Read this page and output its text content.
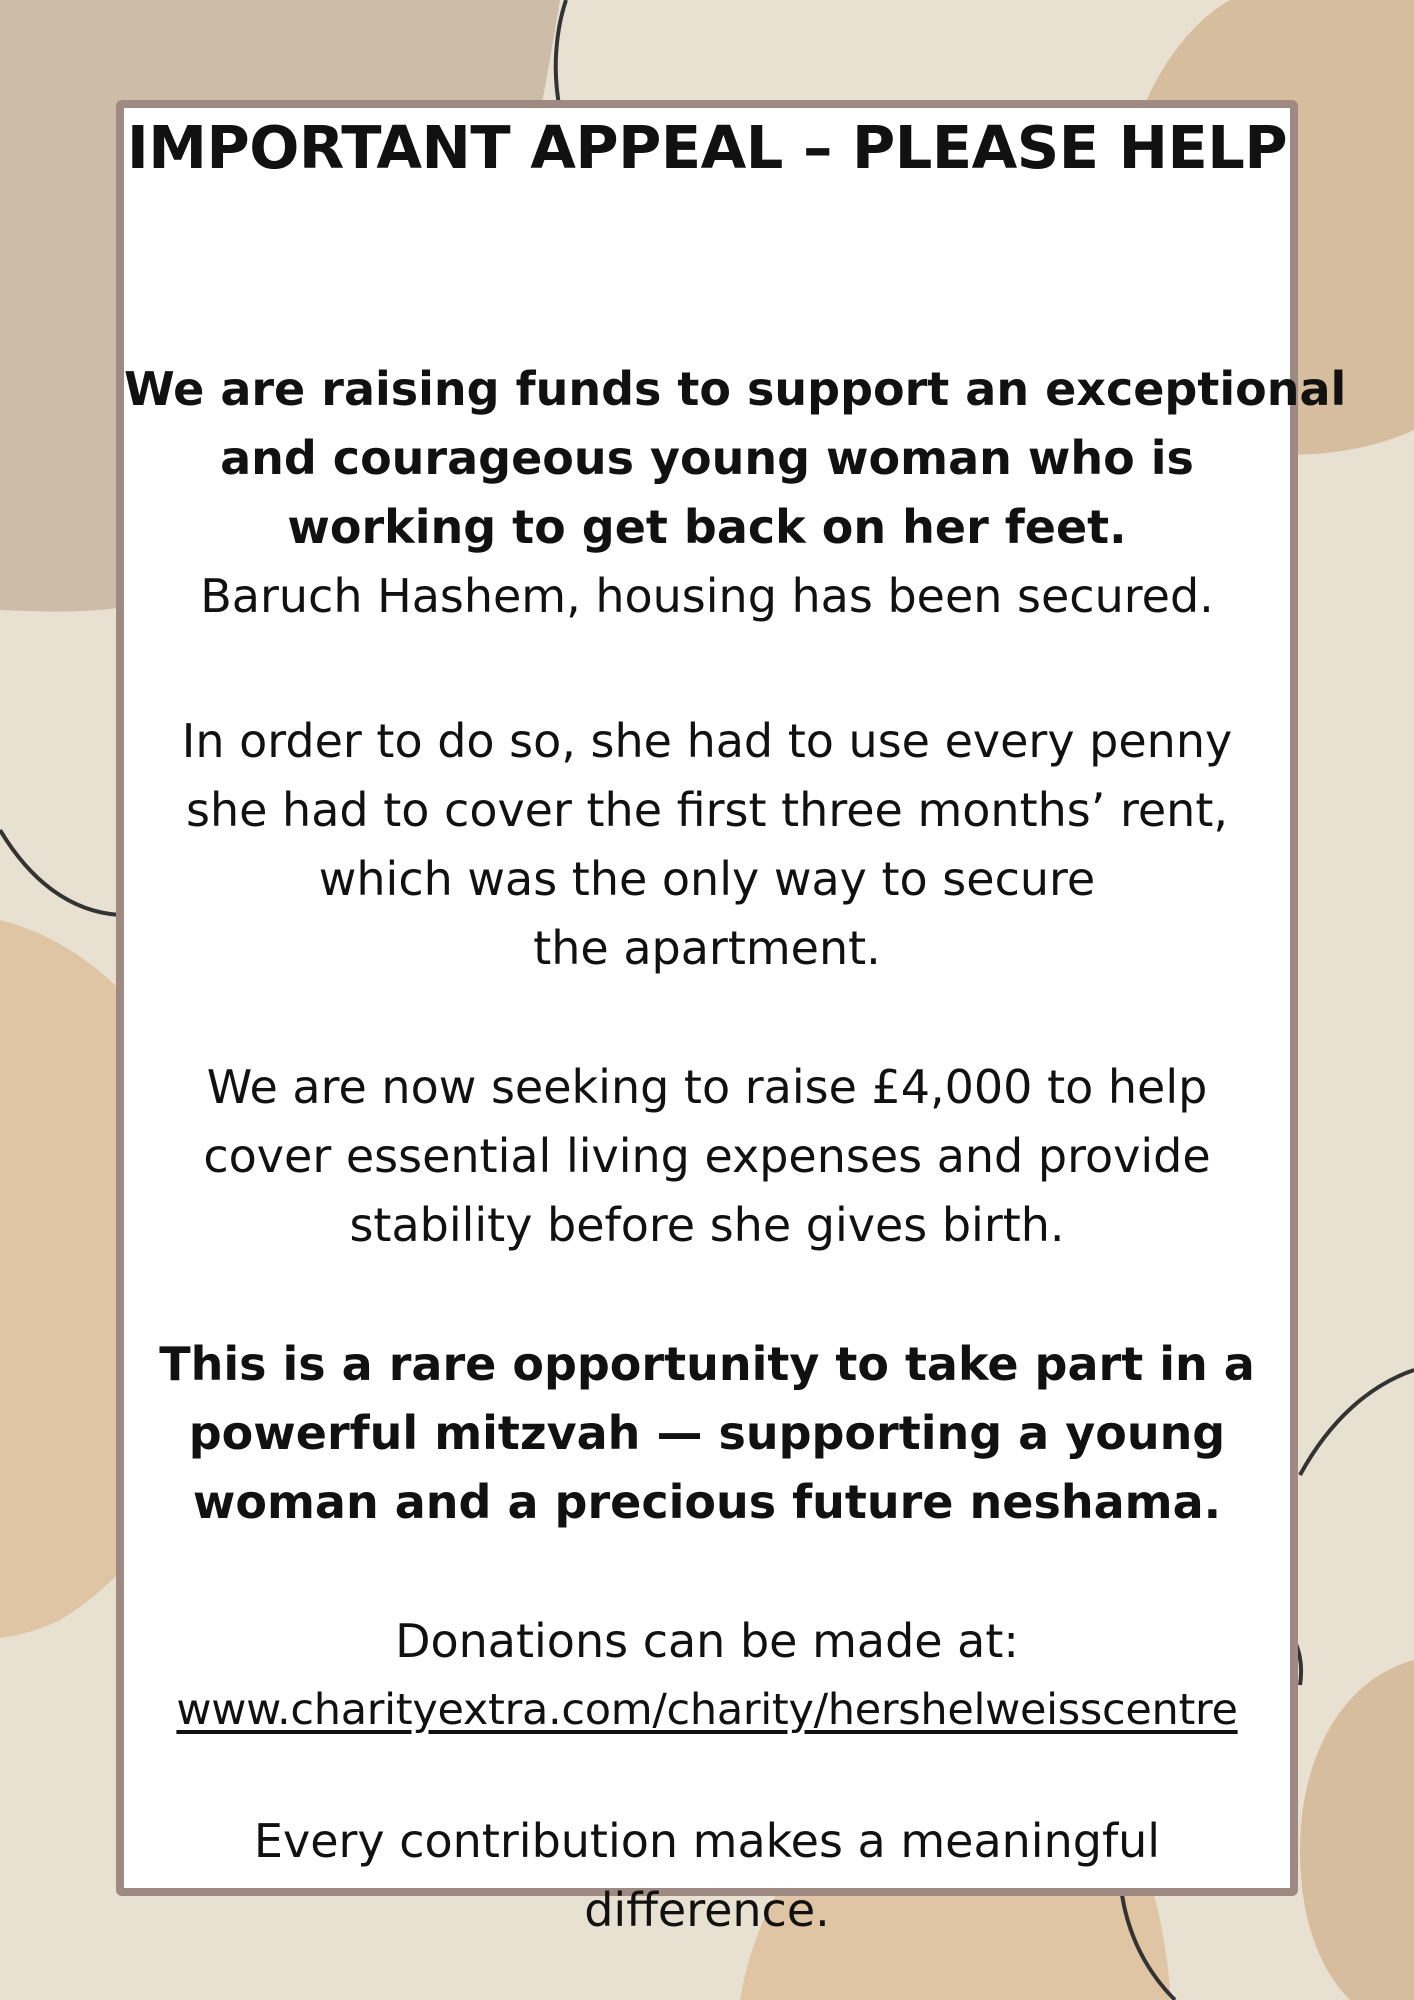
IMPORTANT APPEAL – PLEASE HELP
We are raising funds to support an exceptional
and courageous young woman who is
working to get back on her feet.
Baruch Hashem, housing has been secured.
In order to do so, she had to use every penny
she had to cover the first three months’ rent,
which was the only way to secure
the apartment.
We are now seeking to raise £4,000 to help
cover essential living expenses and provide
stability before she gives birth.
This is a rare opportunity to take part in a
powerful mitzvah — supporting a young
woman and a precious future neshama.
Donations can be made at:
www.charityextra.com/charity/hershelweisscentre
Every contribution makes a meaningful
difference.
